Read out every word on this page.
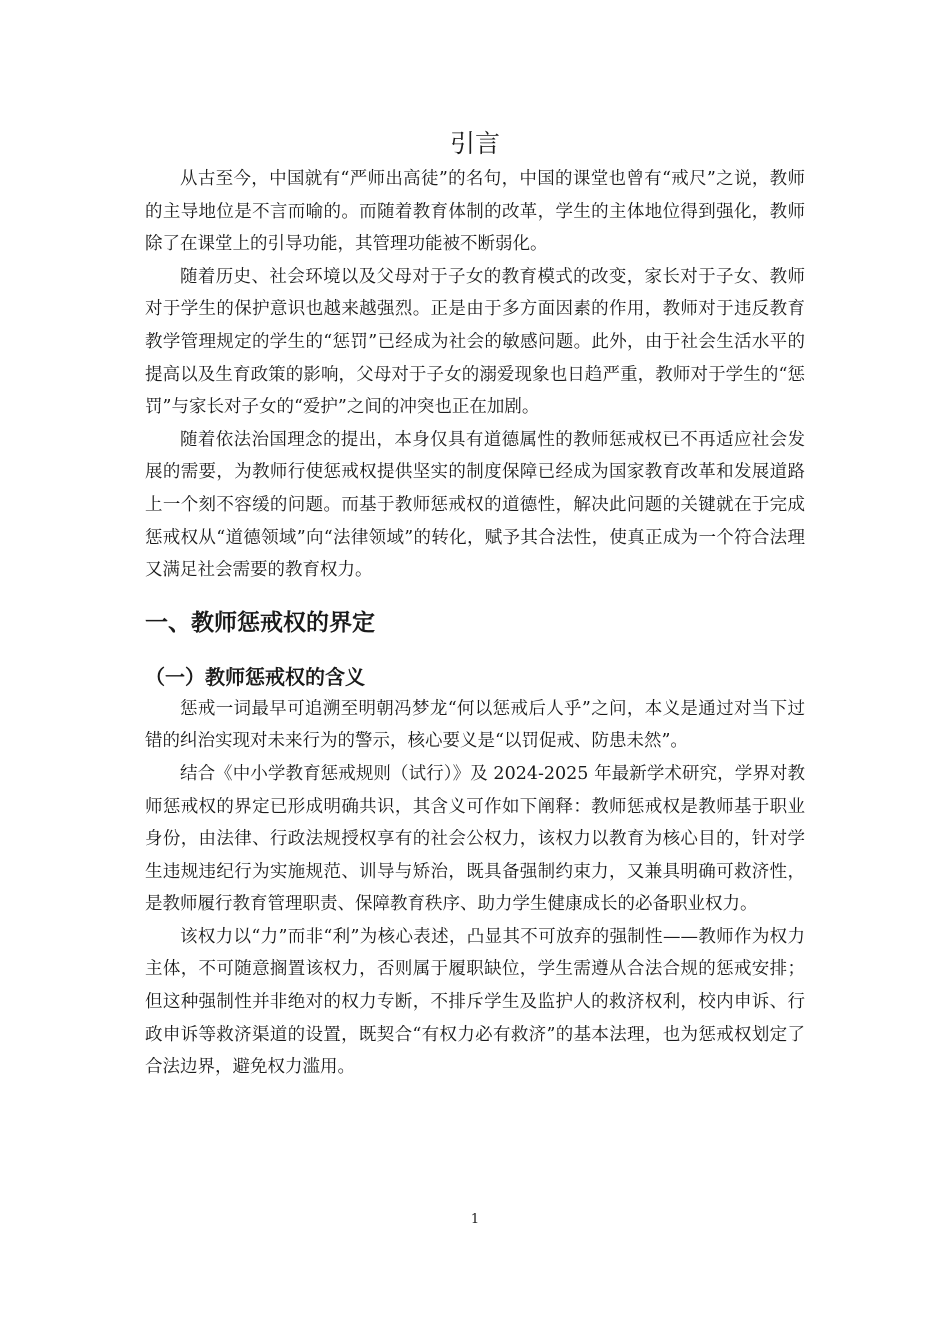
引言

从古至今，中国就有“严师出高徒”的名句，中国的课堂也曾有“戒尺”之说，教师的主导地位是不言而喻的。而随着教育体制的改革，学生的主体地位得到强化，教师除了在课堂上的引导功能，其管理功能被不断弱化。

随着历史、社会环境以及父母对于子女的教育模式的改变，家长对于子女、教师对于学生的保护意识也越来越强烈。正是由于多方面因素的作用，教师对于违反教育教学管理规定的学生的“惩罚”已经成为社会的敏感问题。此外，由于社会生活水平的提高以及生育政策的影响，父母对于子女的溺爱现象也日趋严重，教师对于学生的“惩罚”与家长对子女的“爱护”之间的冲突也正在加剧。

随着依法治国理念的提出，本身仅具有道德属性的教师惩戒权已不再适应社会发展的需要，为教师行使惩戒权提供坚实的制度保障已经成为国家教育改革和发展道路上一个刻不容缓的问题。而基于教师惩戒权的道德性，解决此问题的关键就在于完成惩戒权从“道德领域”向“法律领域”的转化，赋予其合法性，使真正成为一个符合法理又满足社会需要的教育权力。

一、教师惩戒权的界定
（一）教师惩戒权的含义

惩戒一词最早可追溯至明朝冯梦龙“何以惩戒后人乎”之问，本义是通过对当下过错的纠治实现对未来行为的警示，核心要义是“以罚促戒、防患未然”。

结合《中小学教育惩戒规则（试行）》及 2024-2025 年最新学术研究，学界对教师惩戒权的界定已形成明确共识，其含义可作如下阐释：教师惩戒权是教师基于职业身份，由法律、行政法规授权享有的社会公权力，该权力以教育为核心目的，针对学生违规违纪行为实施规范、训导与矫治，既具备强制约束力，又兼具明确可救济性，是教师履行教育管理职责、保障教育秩序、助力学生健康成长的必备职业权力。

该权力以“力”而非“利”为核心表述，凸显其不可放弃的强制性——教师作为权力主体，不可随意搁置该权力，否则属于履职缺位，学生需遵从合法合规的惩戒安排；但这种强制性并非绝对的权力专断，不排斥学生及监护人的救济权利，校内申诉、行政申诉等救济渠道的设置，既契合“有权力必有救济”的基本法理，也为惩戒权划定了合法边界，避免权力滥用。

1
